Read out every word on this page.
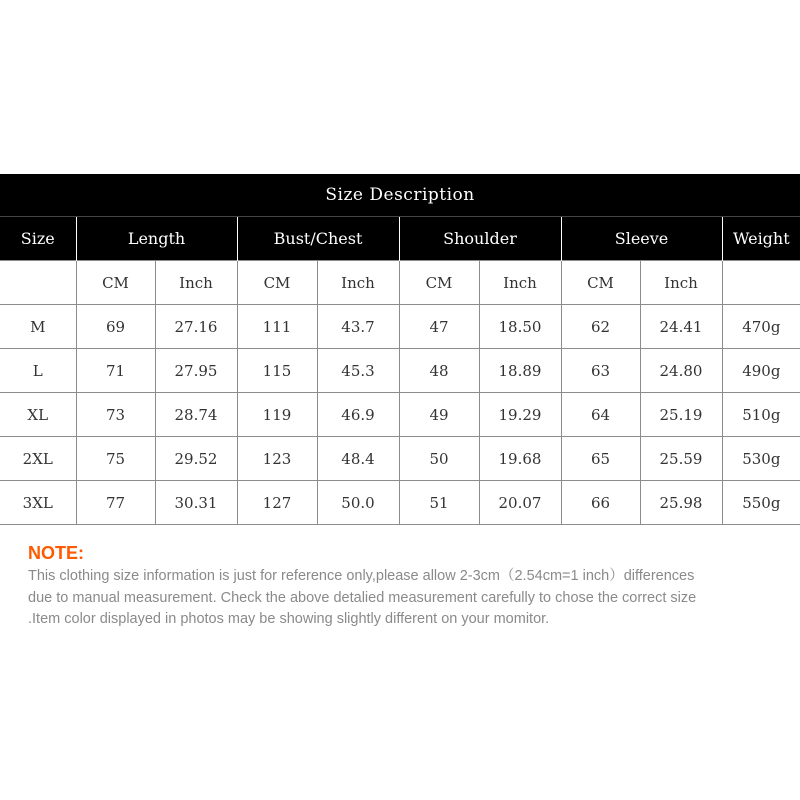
Size Description									
Size	Length		Bust/Chest		Shoulder		Sleeve		Weight
	CM	Inch	CM	Inch	CM	Inch	CM	Inch	
M	69	27.16	111	43.7	47	18.50	62	24.41	470g
L	71	27.95	115	45.3	48	18.89	63	24.80	490g
XL	73	28.74	119	46.9	49	19.29	64	25.19	510g
2XL	75	29.52	123	48.4	50	19.68	65	25.59	530g
3XL	77	30.31	127	50.0	51	20.07	66	25.98	550g
NOTE:

This clothing size information is just for reference only,please allow 2-3cm（2.54cm=1 inch）differences
due to manual measurement. Check the above detalied measurement carefully to chose the correct size
.Item color displayed in photos may be showing slightly different on your momitor.
